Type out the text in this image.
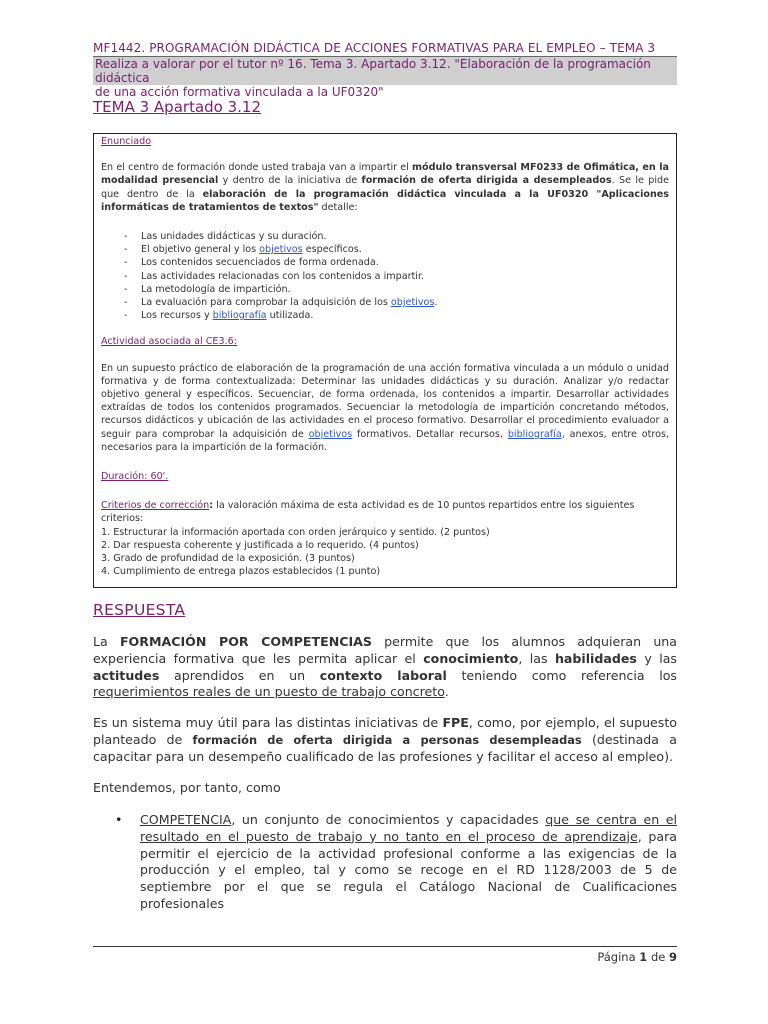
MF1442. PROGRAMACIÓN DIDÁCTICA DE ACCIONES FORMATIVAS PARA EL EMPLEO – TEMA 3
Realiza a valorar por el tutor nº 16. Tema 3. Apartado 3.12. "Elaboración de la programación didáctica
de una acción formativa vinculada a la UF0320"
TEMA 3 Apartado 3.12
Enunciado

En el centro de formación donde usted trabaja van a impartir el módulo transversal MF0233 de Ofimática, en la modalidad presencial y dentro de la iniciativa de formación de oferta dirigida a desempleados. Se le pide que dentro de la elaboración de la programación didáctica vinculada a la UF0320 "Aplicaciones informáticas de tratamientos de textos" detalle:

- Las unidades didácticas y su duración.
- El objetivo general y los objetivos específicos.
- Los contenidos secuenciados de forma ordenada.
- Las actividades relacionadas con los contenidos a impartir.
- La metodología de impartición.
- La evaluación para comprobar la adquisición de los objetivos.
- Los recursos y bibliografía utilizada.
Actividad asociada al CE3.6:

En un supuesto práctico de elaboración de la programación de una acción formativa vinculada a un módulo o unidad formativa y de forma contextualizada: Determinar las unidades didácticas y su duración. Analizar y/o redactar objetivo general y específicos. Secuenciar, de forma ordenada, los contenidos a impartir. Desarrollar actividades extraídas de todos los contenidos programados. Secuenciar la metodología de impartición concretando métodos, recursos didácticos y ubicación de las actividades en el proceso formativo. Desarrollar el procedimiento evaluador a seguir para comprobar la adquisición de objetivos formativos. Detallar recursos, bibliografía, anexos, entre otros, necesarios para la impartición de la formación.

Duración: 60'.
Criterios de corrección: la valoración máxima de esta actividad es de 10 puntos repartidos entre los siguientes
criterios:
1. Estructurar la información aportada con orden jerárquico y sentido. (2 puntos)
2. Dar respuesta coherente y justificada a lo requerido. (4 puntos)
3. Grado de profundidad de la exposición. (3 puntos)
4. Cumplimiento de entrega plazos establecidos (1 punto)
RESPUESTA

La FORMACIÓN POR COMPETENCIAS permite que los alumnos adquieran una experiencia formativa que les permita aplicar el conocimiento, las habilidades y las actitudes aprendidos en un contexto laboral teniendo como referencia los requerimientos reales de un puesto de trabajo concreto.

Es un sistema muy útil para las distintas iniciativas de FPE, como, por ejemplo, el supuesto planteado de formación de oferta dirigida a personas desempleadas (destinada a capacitar para un desempeño cualificado de las profesiones y facilitar el acceso al empleo).

Entendemos, por tanto, como
• COMPETENCIA, un conjunto de conocimientos y capacidades que se centra en el resultado en el puesto de trabajo y no tanto en el proceso de aprendizaje, para permitir el ejercicio de la actividad profesional conforme a las exigencias de la producción y el empleo, tal y como se recoge en el RD 1128/2003 de 5 de septiembre por el que se regula el Catálogo Nacional de Cualificaciones profesionales

Página 1 de 9
